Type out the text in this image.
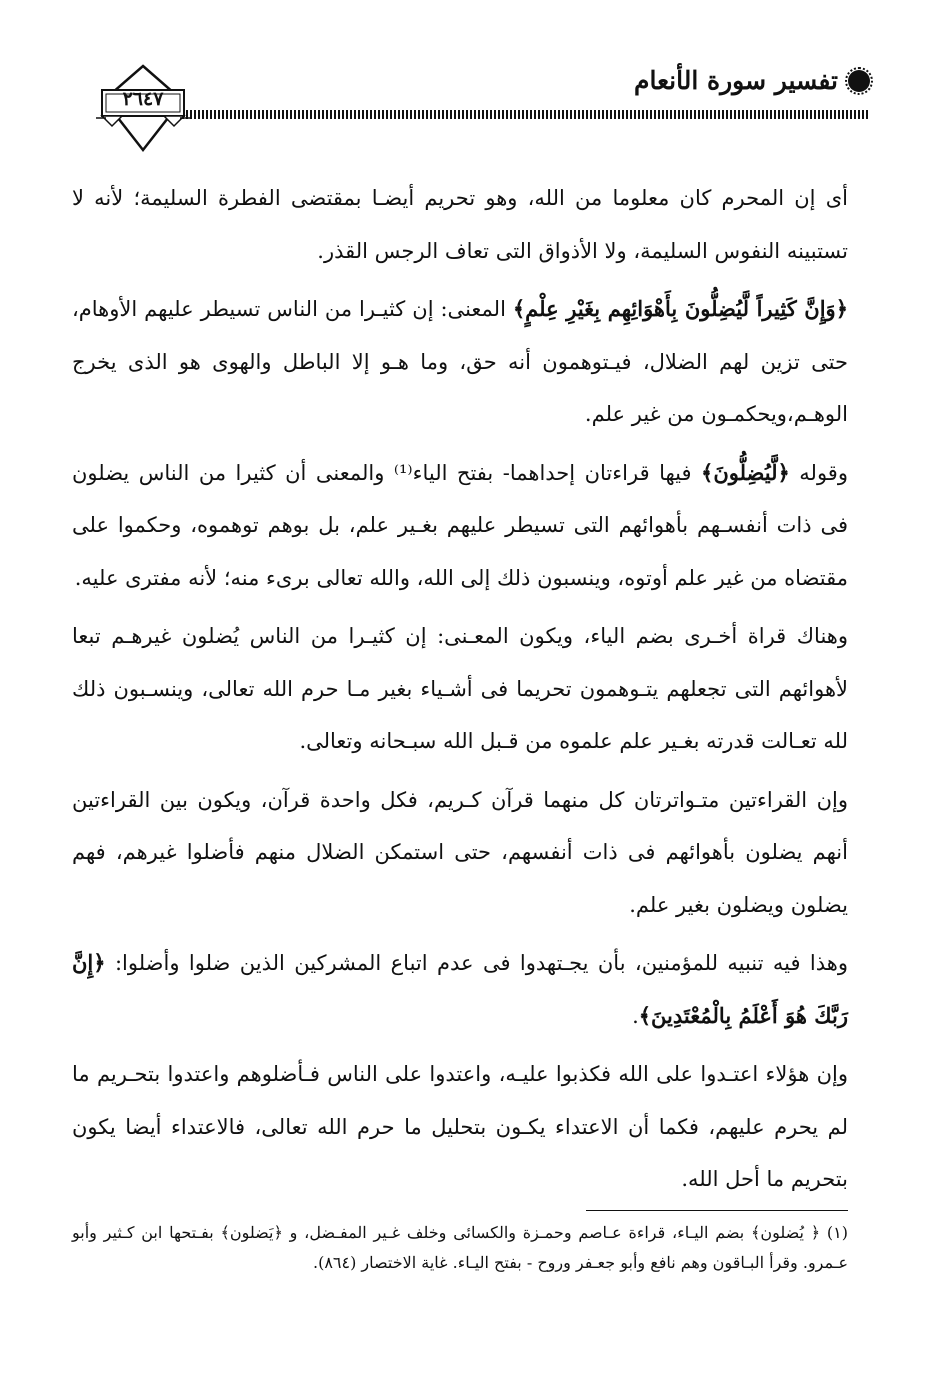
تفسير سورة الأنعام
٢٦٤٧

أى إن المحرم كان معلوما من الله، وهو تحريم أيضـا بمقتضى الفطرة السليمة؛ لأنه لا تستبينه النفوس السليمة، ولا الأذواق التى تعاف الرجس القذر.

﴿وَإِنَّ كَثِيراً لَّيُضِلُّونَ بِأَهْوَائِهِم بِغَيْرِ عِلْمٍ﴾ المعنى: إن كثيـرا من الناس تسيطر عليهم الأوهام، حتى تزين لهم الضلال، فيـتوهمون أنه حق، وما هـو إلا الباطل والهوى هو الذى يخرج الوهـم،ويحكمـون من غير علم.

وقوله ﴿لَّيُضِلُّونَ﴾ فيها قراءتان إحداهما- بفتح الياء⁽¹⁾ والمعنى أن كثيرا من الناس يضلون فى ذات أنفسـهم بأهوائهم التى تسيطر عليهم بغـير علم، بل بوهم توهموه، وحكموا على مقتضاه من غير علم أوتوه، وينسبون ذلك إلى الله، والله تعالى برىء منه؛ لأنه مفترى عليه.

وهناك قراة أخـرى بضم الياء، ويكون المعـنى: إن كثيـرا من الناس يُضلون غيرهـم تبعا لأهوائهم التى تجعلهم يتـوهمون تحريما فى أشـياء بغير مـا حرم الله تعالى، وينسـبون ذلك لله تعـالت قدرته بغـير علم علموه من قـبل الله سبـحانه وتعالى.

وإن القراءتين متـواترتان كل منهما قرآن كـريم، فكل واحدة قرآن، ويكون بين القراءتين أنهم يضلون بأهوائهم فى ذات أنفسهم، حتى استمكن الضلال منهم فأضلوا غيرهم، فهم يضلون ويضلون بغير علم.

وهذا فيه تنبيه للمؤمنين، بأن يجـتهدوا فى عدم اتباع المشركين الذين ضلوا وأضلوا: ﴿إِنَّ رَبَّكَ هُوَ أَعْلَمُ بِالْمُعْتَدِينَ﴾.

وإن هؤلاء اعتـدوا على الله فكذبوا عليـه، واعتدوا على الناس فـأضلوهم واعتدوا بتحـريم ما لم يحرم عليهم، فكما أن الاعتداء يكـون بتحليل ما حرم الله تعالى، فالاعتداء أيضا يكون بتحريم ما أحل الله.

(١) ﴿ يُضلون﴾ بضم اليـاء، قراءة عـاصم وحمـزة والكسائى وخلف غـير المفـضل، و ﴿يَضلون﴾ بفـتحها ابن كـثير وأبو عـمرو. وقرأ البـاقون وهم نافع وأبو جعـفر وروح - بفتح اليـاء. غاية الاختصار (٨٦٤).
